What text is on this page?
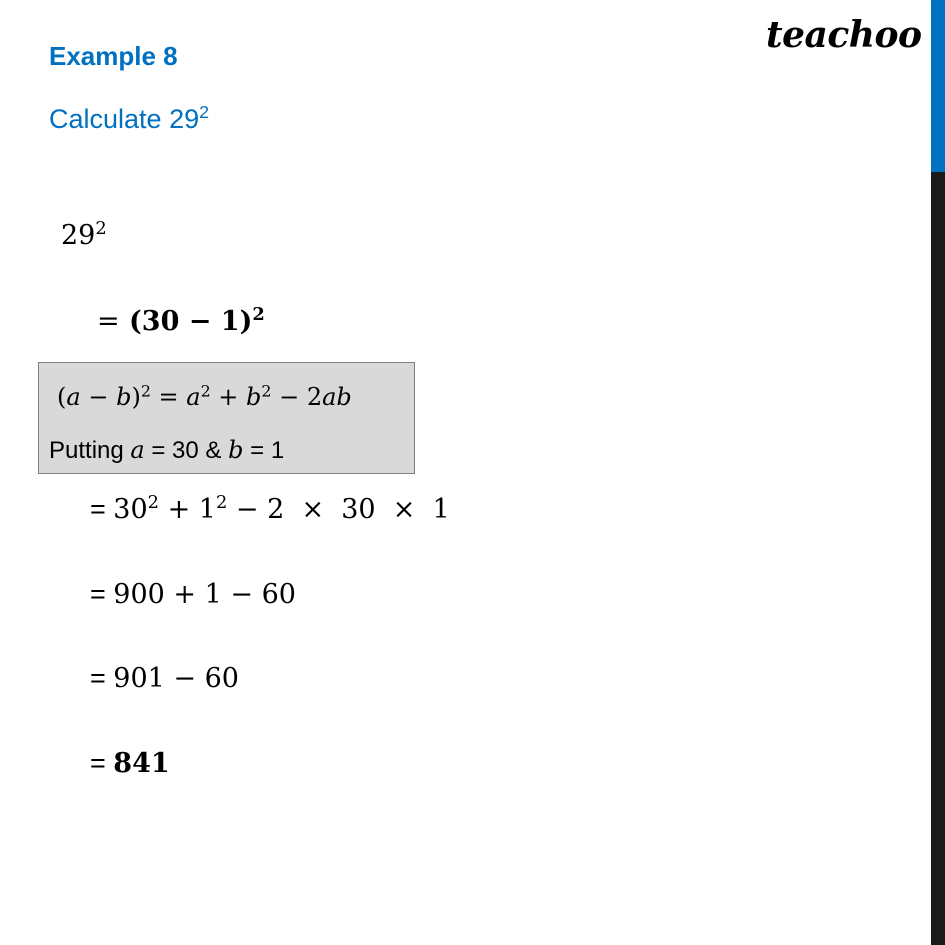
teachoo
Example 8
Calculate $29^2$
$29^2$
= $(30 - 1)^2$
$(a - b)^2 = a^2 + b^2 - 2ab$
Putting a = 30 & b = 1
= $30^2 + 1^2 - 2 \times 30 \times 1$
= 900 + 1 − 60
= 901 − 60
= 841
